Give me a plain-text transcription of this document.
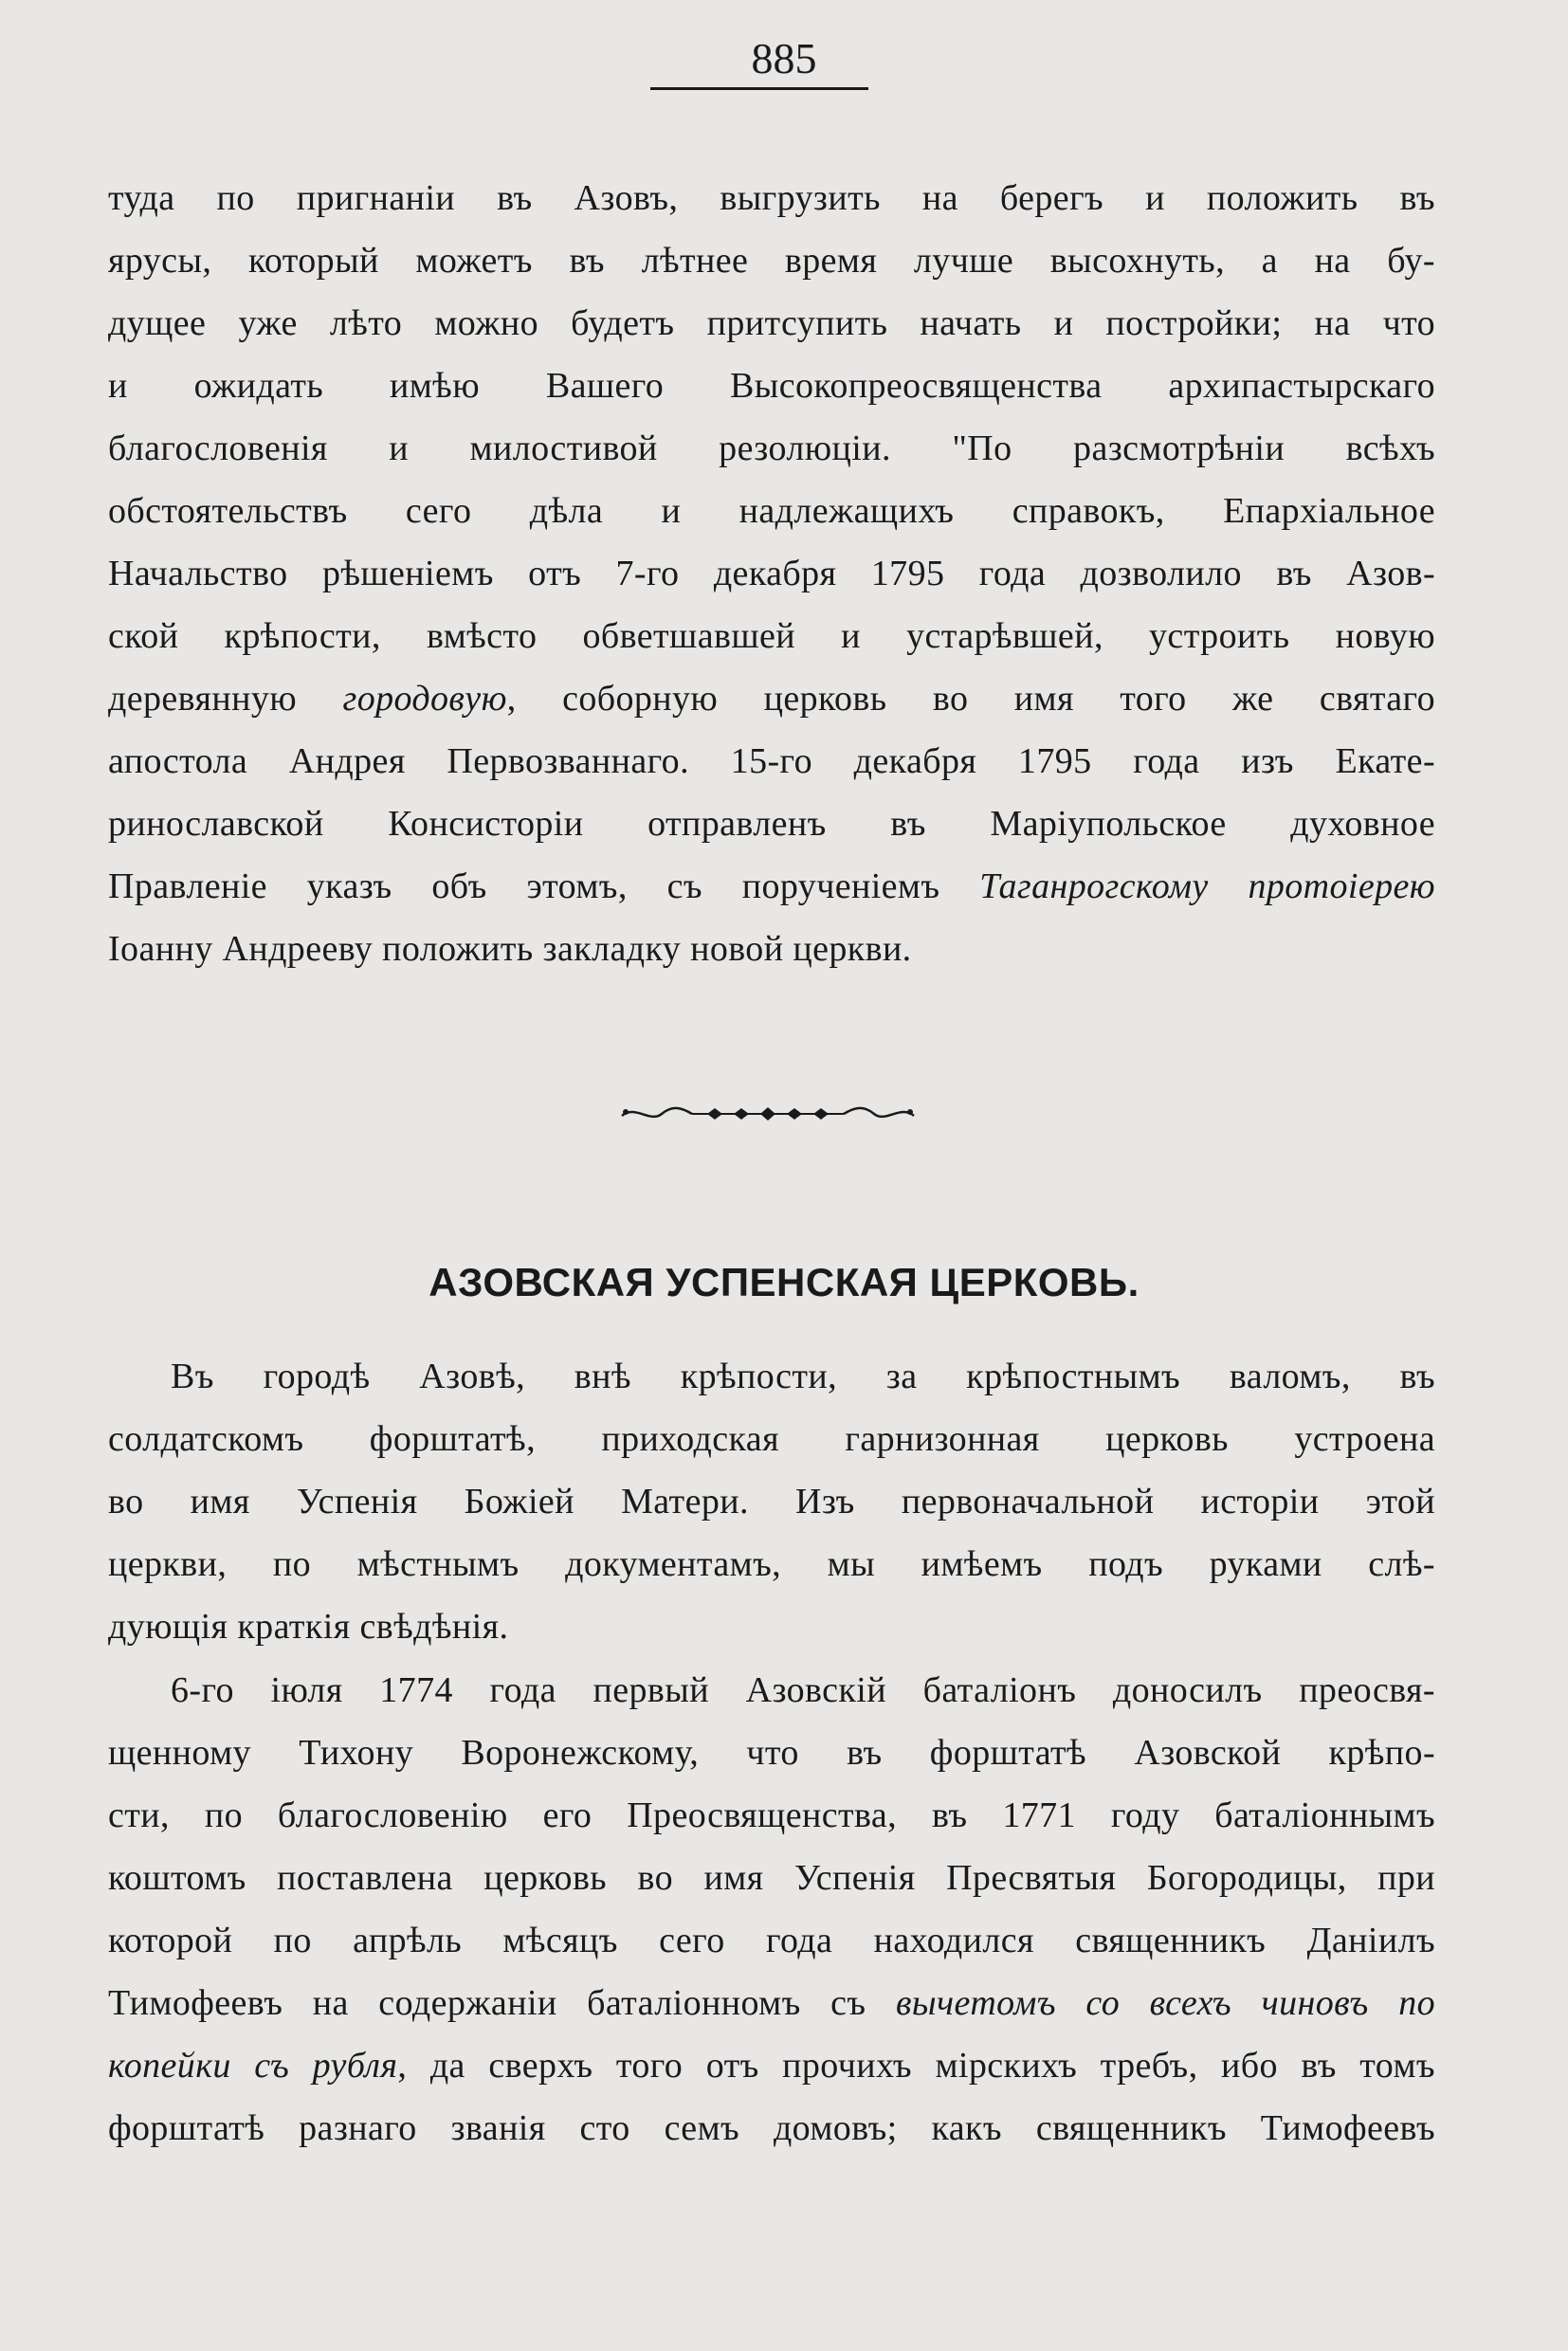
885
туда по пригнаніи въ Азовъ, выгрузить на берегъ и положить въ
ярусы, который можетъ въ лѣтнее время лучше высохнуть, а на бу-
дущее уже лѣто можно будетъ притсупить начать и постройки; на что
и ожидать имѣю Вашего Высокопреосвященства архипастырскаго
благословенія и милостивой резолюціи. "По разсмотрѣніи всѣхъ
обстоятельствъ сего дѣла и надлежащихъ справокъ, Епархіальное
Начальство рѣшеніемъ отъ 7-го декабря 1795 года дозволило въ Азов-
ской крѣпости, вмѣсто обветшавшей и устарѣвшей, устроить новую
деревянную городовую, соборную церковь во имя того же святаго
апостола Андрея Первозваннаго. 15-го декабря 1795 года изъ Екате-
ринославской Консисторіи отправленъ въ Маріупольское духовное
Правленіе указъ объ этомъ, съ порученіемъ Таганрогскому протоіерею
Іоанну Андрееву положить закладку новой церкви.
АЗОВСКАЯ УСПЕНСКАЯ ЦЕРКОВЬ.
Въ городѣ Азовѣ, внѣ крѣпости, за крѣпостнымъ валомъ, въ
солдатскомъ форштатѣ, приходская гарнизонная церковь устроена
во имя Успенія Божіей Матери. Изъ первоначальной исторіи этой
церкви, по мѣстнымъ документамъ, мы имѣемъ подъ руками слѣ-
дующія краткія свѣдѣнія.
6-го іюля 1774 года первый Азовскій баталіонъ доносилъ преосвя-
щенному Тихону Воронежскому, что въ форштатѣ Азовской крѣпо-
сти, по благословенію его Преосвященства, въ 1771 году баталіоннымъ
коштомъ поставлена церковь во имя Успенія Пресвятыя Богородицы, при
которой по апрѣль мѣсяцъ сего года находился священникъ Даніилъ
Тимофеевъ на содержаніи баталіонномъ съ вычетомъ со всехъ чиновъ по
копейки съ рубля, да сверхъ того отъ прочихъ мірскихъ требъ, ибо въ томъ
форштатѣ разнаго званія сто семъ домовъ; какъ священникъ Тимофеевъ
